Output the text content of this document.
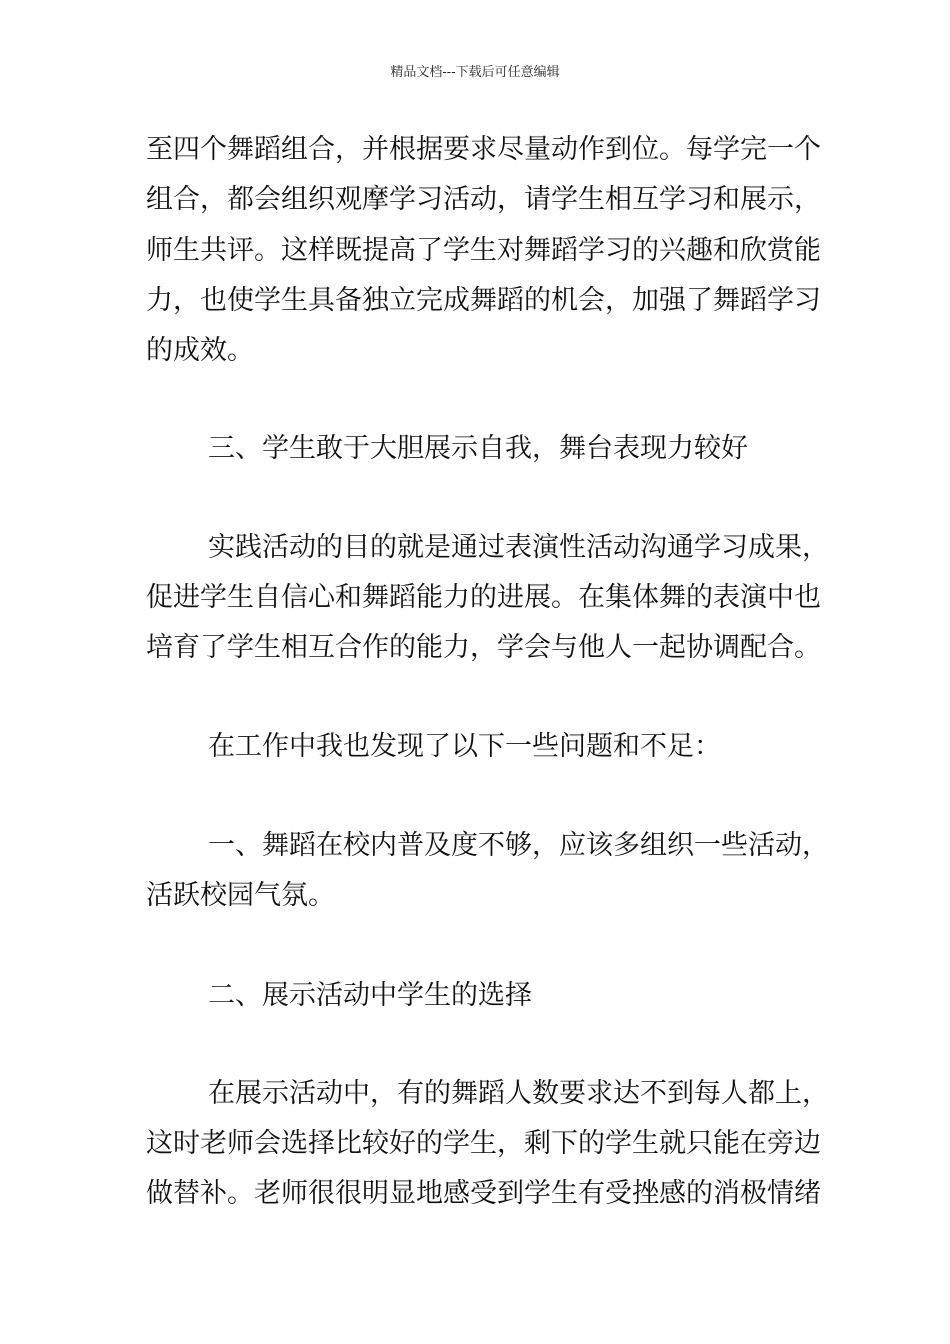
精品文档---下载后可任意编辑
至四个舞蹈组合，并根据要求尽量动作到位。每学完一个
组合，都会组织观摩学习活动，请学生相互学习和展示，
师生共评。这样既提高了学生对舞蹈学习的兴趣和欣赏能
力，也使学生具备独立完成舞蹈的机会，加强了舞蹈学习
的成效。
三、学生敢于大胆展示自我，舞台表现力较好
实践活动的目的就是通过表演性活动沟通学习成果，
促进学生自信心和舞蹈能力的进展。在集体舞的表演中也
培育了学生相互合作的能力，学会与他人一起协调配合。
在工作中我也发现了以下一些问题和不足：
一、舞蹈在校内普及度不够，应该多组织一些活动，
活跃校园气氛。
二、展示活动中学生的选择
在展示活动中，有的舞蹈人数要求达不到每人都上，
这时老师会选择比较好的学生，剩下的学生就只能在旁边
做替补。老师很很明显地感受到学生有受挫感的消极情绪
